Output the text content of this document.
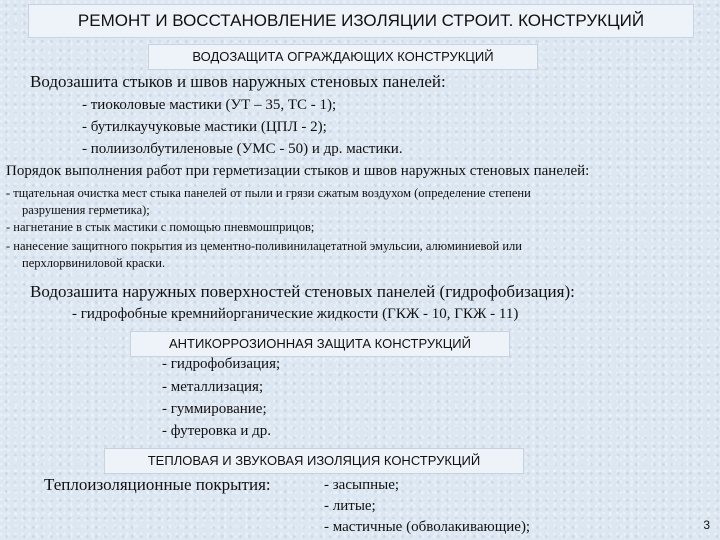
РЕМОНТ И ВОССТАНОВЛЕНИЕ ИЗОЛЯЦИИ СТРОИТ. КОНСТРУКЦИЙ
ВОДОЗАЩИТА ОГРАЖДАЮЩИХ КОНСТРУКЦИЙ
Водозашита стыков и швов наружных стеновых панелей:
- тиоколовые мастики (УТ – 35, ТС - 1);
- бутилкаучуковые мастики (ЦПЛ - 2);
- полиизолбутиленовые (УМС - 50) и др. мастики.
Порядок выполнения работ при герметизации стыков и швов наружных стеновых панелей:
- тщательная очистка мест стыка панелей от пыли и грязи сжатым воздухом (определение степени
разрушения герметика);
- нагнетание в стык мастики с помощью пневмошприцов;
- нанесение защитного покрытия из цементно-поливинилацетатной эмульсии, алюминиевой или
перхлорвиниловой краски.
Водозашита наружных поверхностей стеновых панелей (гидрофобизация):
- гидрофобные кремнийорганические жидкости (ГКЖ - 10, ГКЖ - 11)
АНТИКОРРОЗИОННАЯ ЗАЩИТА КОНСТРУКЦИЙ
- гидрофобизация;
- металлизация;
- гуммирование;
- футеровка и др.
ТЕПЛОВАЯ И ЗВУКОВАЯ ИЗОЛЯЦИЯ КОНСТРУКЦИЙ
Теплоизоляционные покрытия:	- засыпные;
- литые;
- мастичные (обволакивающие);	3
